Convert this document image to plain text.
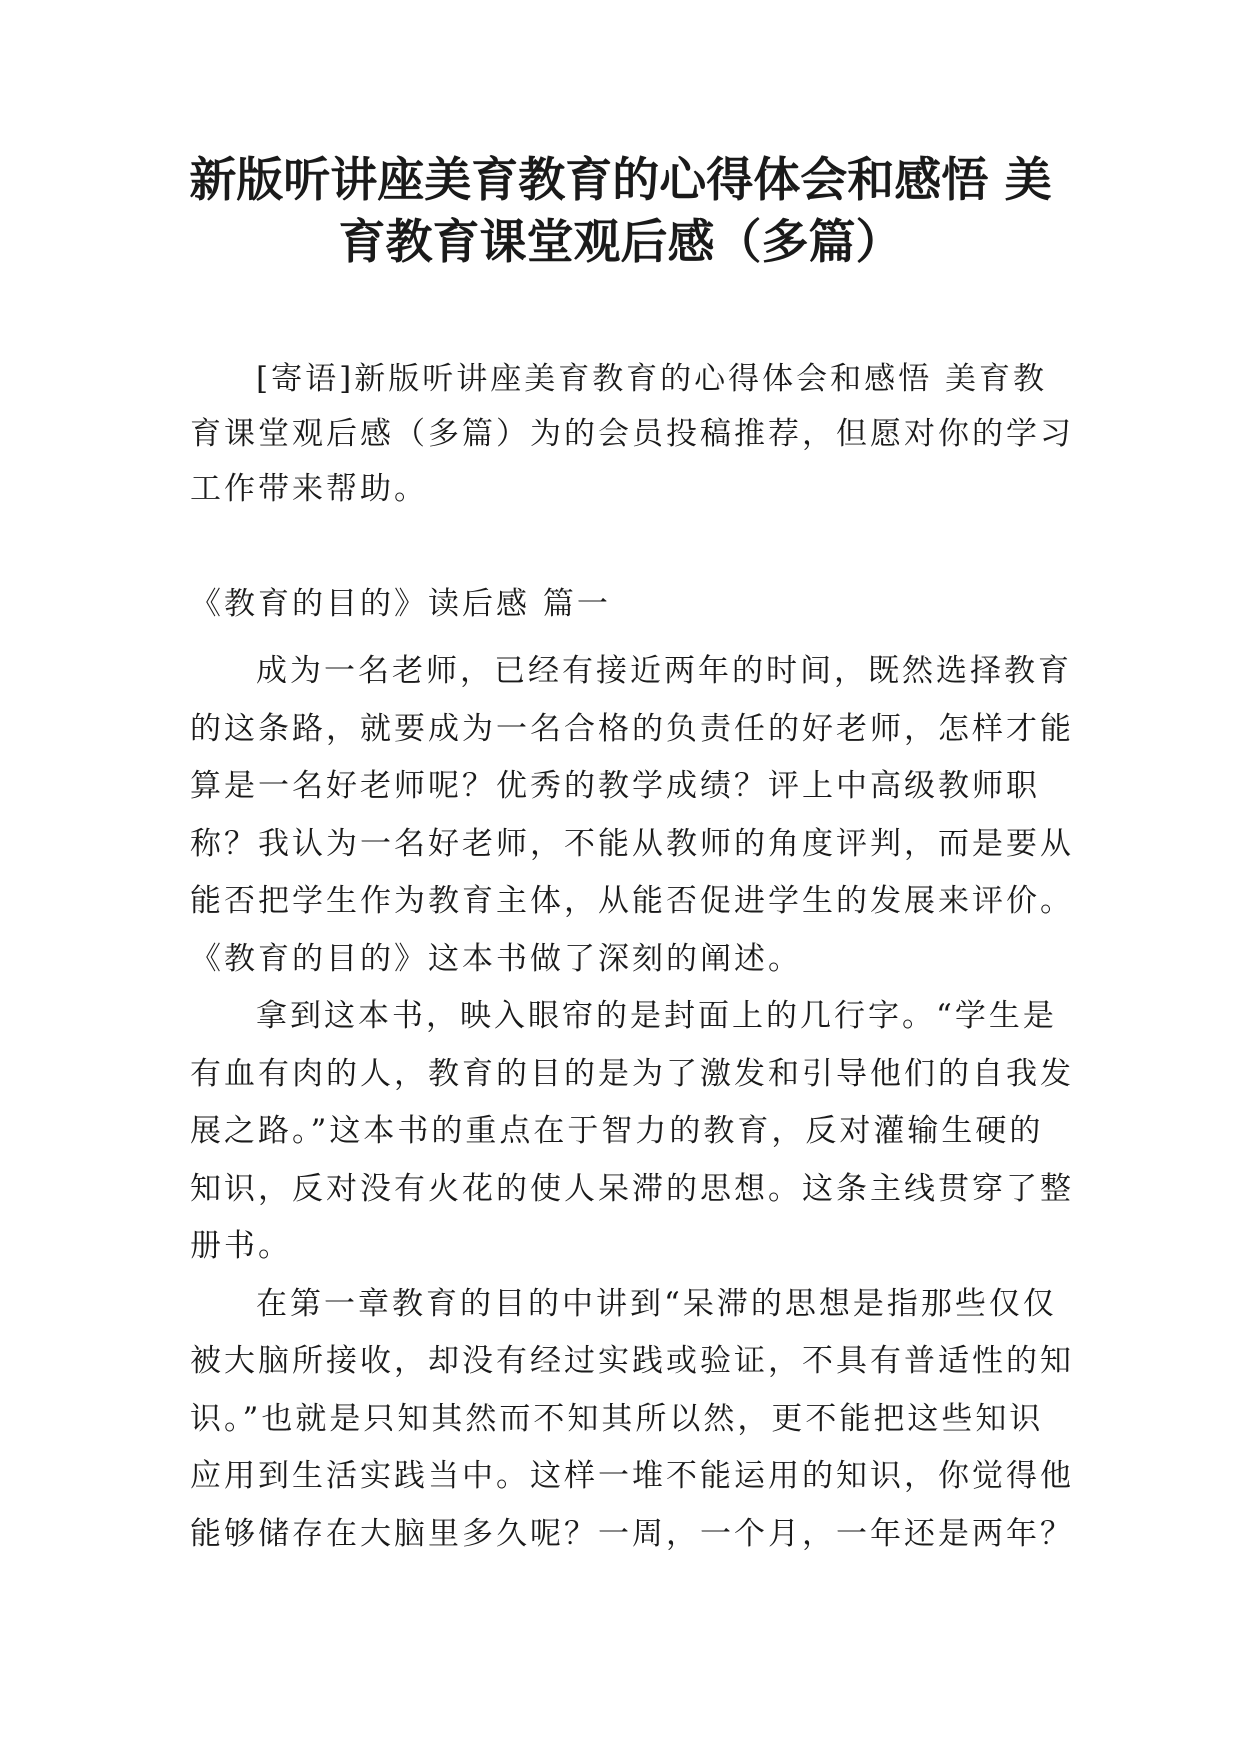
新版听讲座美育教育的心得体会和感悟 美
育教育课堂观后感（多篇）
[寄语]新版听讲座美育教育的心得体会和感悟 美育教
育课堂观后感（多篇）为的会员投稿推荐，但愿对你的学习
工作带来帮助。
《教育的目的》读后感 篇一
成为一名老师，已经有接近两年的时间，既然选择教育
的这条路，就要成为一名合格的负责任的好老师，怎样才能
算是一名好老师呢？优秀的教学成绩？评上中高级教师职
称？我认为一名好老师，不能从教师的角度评判，而是要从
能否把学生作为教育主体，从能否促进学生的发展来评价。
《教育的目的》这本书做了深刻的阐述。
拿到这本书，映入眼帘的是封面上的几行字。“学生是
有血有肉的人，教育的目的是为了激发和引导他们的自我发
展之路。”这本书的重点在于智力的教育，反对灌输生硬的
知识，反对没有火花的使人呆滞的思想。这条主线贯穿了整
册书。
在第一章教育的目的中讲到“呆滞的思想是指那些仅仅
被大脑所接收，却没有经过实践或验证，不具有普适性的知
识。”也就是只知其然而不知其所以然，更不能把这些知识
应用到生活实践当中。这样一堆不能运用的知识，你觉得他
能够储存在大脑里多久呢？一周，一个月，一年还是两年？
